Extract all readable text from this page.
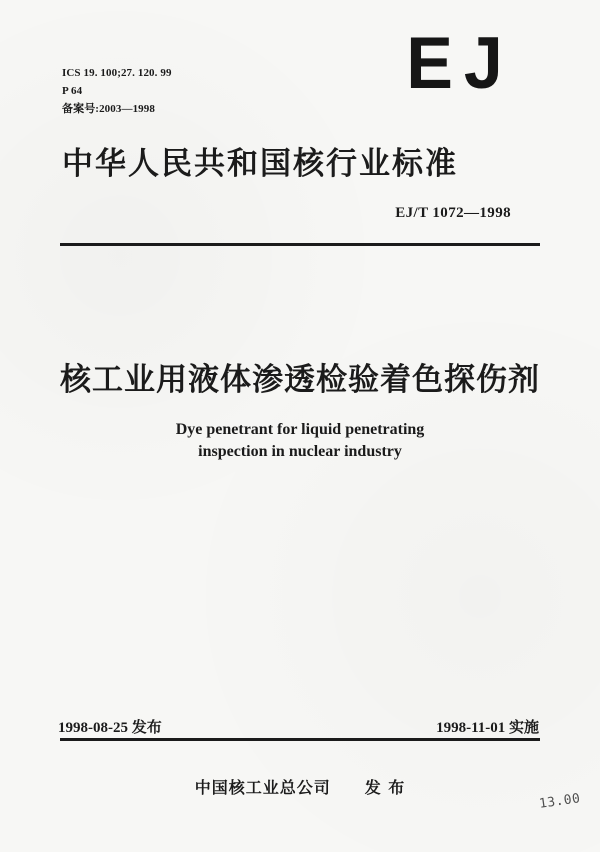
ICS 19. 100;27. 120. 99
P 64
备案号:2003—1998
EJ
中华人民共和国核行业标准
EJ/T 1072—1998
核工业用液体渗透检验着色探伤剂
Dye penetrant for liquid penetrating
inspection in nuclear industry
1998-08-25 发布	1998-11-01 实施
中国核工业总公司　　发 布
13.00
